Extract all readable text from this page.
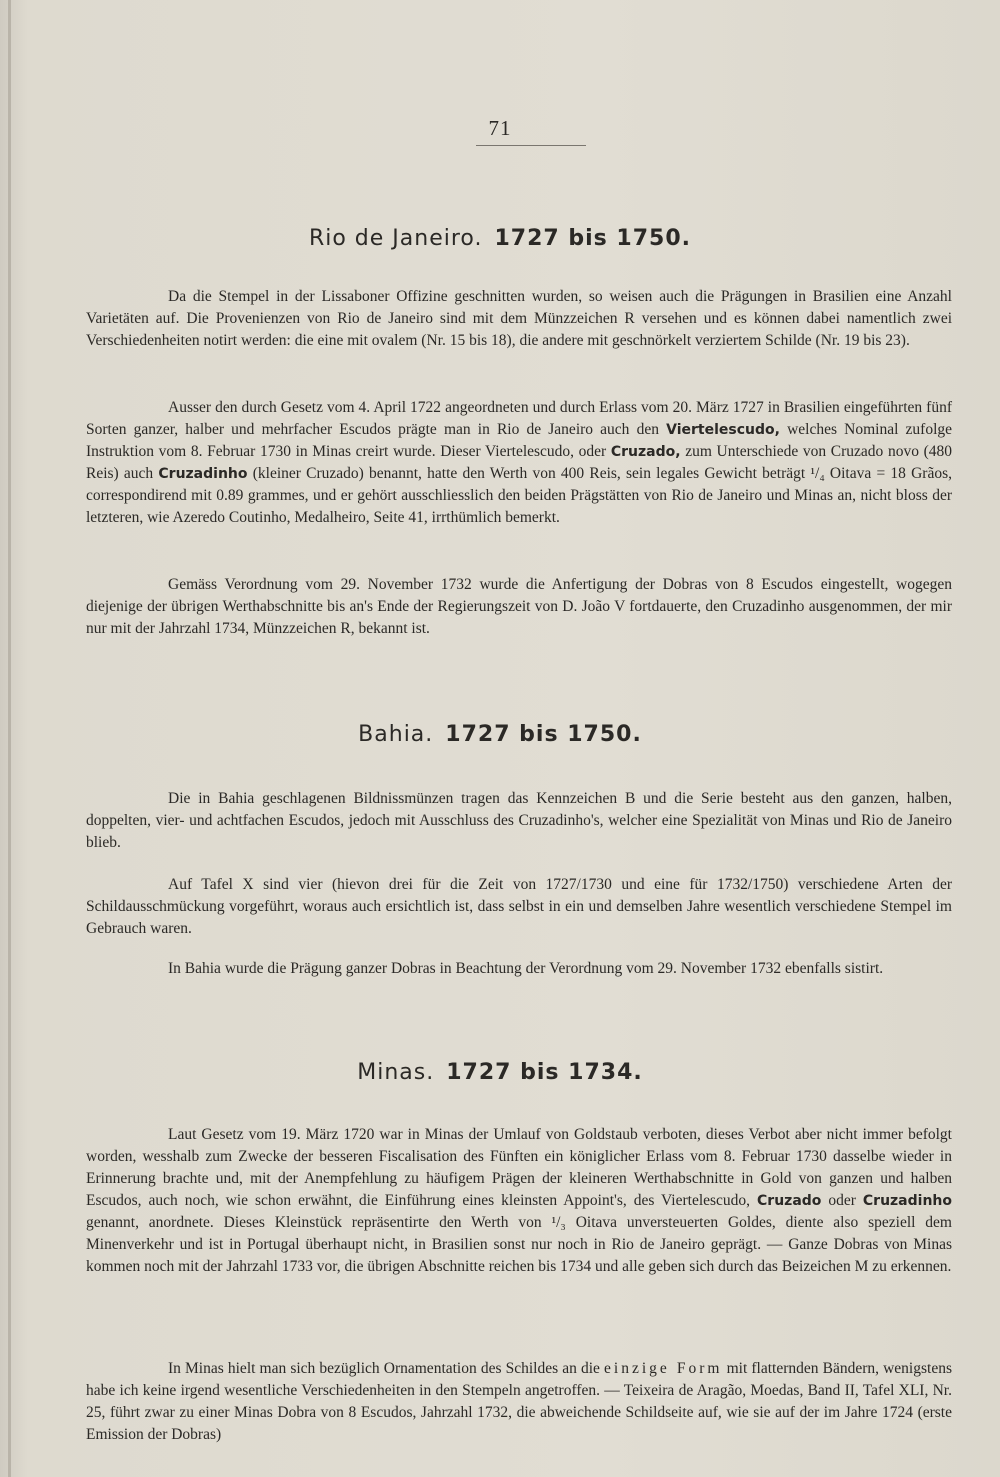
71
Rio de Janeiro. 1727 bis 1750.

Da die Stempel in der Lissaboner Offizine geschnitten wurden, so weisen auch die Prägungen in Brasilien eine Anzahl Varietäten auf. Die Provenienzen von Rio de Janeiro sind mit dem Münzzeichen R versehen und es können dabei namentlich zwei Verschiedenheiten notirt werden: die eine mit ovalem (Nr. 15 bis 18), die andere mit geschnörkelt verziertem Schilde (Nr. 19 bis 23).

Ausser den durch Gesetz vom 4. April 1722 angeordneten und durch Erlass vom 20. März 1727 in Brasilien eingeführten fünf Sorten ganzer, halber und mehrfacher Escudos prägte man in Rio de Janeiro auch den Viertelescudo, welches Nominal zufolge Instruktion vom 8. Februar 1730 in Minas creirt wurde. Dieser Viertelescudo, oder Cruzado, zum Unterschiede von Cruzado novo (480 Reis) auch Cruzadinho (kleiner Cruzado) benannt, hatte den Werth von 400 Reis, sein legales Gewicht beträgt ¹/₄ Oitava = 18 Grãos, correspondirend mit 0.89 grammes, und er gehört ausschliesslich den beiden Prägstätten von Rio de Janeiro und Minas an, nicht bloss der letzteren, wie Azeredo Coutinho, Medalheiro, Seite 41, irrthümlich bemerkt.

Gemäss Verordnung vom 29. November 1732 wurde die Anfertigung der Dobras von 8 Escudos eingestellt, wogegen diejenige der übrigen Werthabschnitte bis an's Ende der Regierungszeit von D. João V fortdauerte, den Cruzadinho ausgenommen, der mir nur mit der Jahrzahl 1734, Münzzeichen R, bekannt ist.

Bahia. 1727 bis 1750.

Die in Bahia geschlagenen Bildnissmünzen tragen das Kennzeichen B und die Serie besteht aus den ganzen, halben, doppelten, vier- und achtfachen Escudos, jedoch mit Ausschluss des Cruzadinho's, welcher eine Spezialität von Minas und Rio de Janeiro blieb.

Auf Tafel X sind vier (hievon drei für die Zeit von 1727/1730 und eine für 1732/1750) verschiedene Arten der Schildausschmückung vorgeführt, woraus auch ersichtlich ist, dass selbst in ein und demselben Jahre wesentlich verschiedene Stempel im Gebrauch waren.

In Bahia wurde die Prägung ganzer Dobras in Beachtung der Verordnung vom 29. November 1732 ebenfalls sistirt.

Minas. 1727 bis 1734.

Laut Gesetz vom 19. März 1720 war in Minas der Umlauf von Goldstaub verboten, dieses Verbot aber nicht immer befolgt worden, wesshalb zum Zwecke der besseren Fiscalisation des Fünften ein königlicher Erlass vom 8. Februar 1730 dasselbe wieder in Erinnerung brachte und, mit der Anempfehlung zu häufigem Prägen der kleineren Werthabschnitte in Gold von ganzen und halben Escudos, auch noch, wie schon erwähnt, die Einführung eines kleinsten Appoint's, des Viertelescudo, Cruzado oder Cruzadinho genannt, anordnete. Dieses Kleinstück repräsentirte den Werth von ¹/₃ Oitava unversteuerten Goldes, diente also speziell dem Minenverkehr und ist in Portugal überhaupt nicht, in Brasilien sonst nur noch in Rio de Janeiro geprägt. — Ganze Dobras von Minas kommen noch mit der Jahrzahl 1733 vor, die übrigen Abschnitte reichen bis 1734 und alle geben sich durch das Beizeichen M zu erkennen.

In Minas hielt man sich bezüglich Ornamentation des Schildes an die einzige Form mit flatternden Bändern, wenigstens habe ich keine irgend wesentliche Verschiedenheiten in den Stempeln angetroffen. — Teixeira de Aragão, Moedas, Band II, Tafel XLI, Nr. 25, führt zwar zu einer Minas Dobra von 8 Escudos, Jahrzahl 1732, die abweichende Schildseite auf, wie sie auf der im Jahre 1724 (erste Emission der Dobras)
